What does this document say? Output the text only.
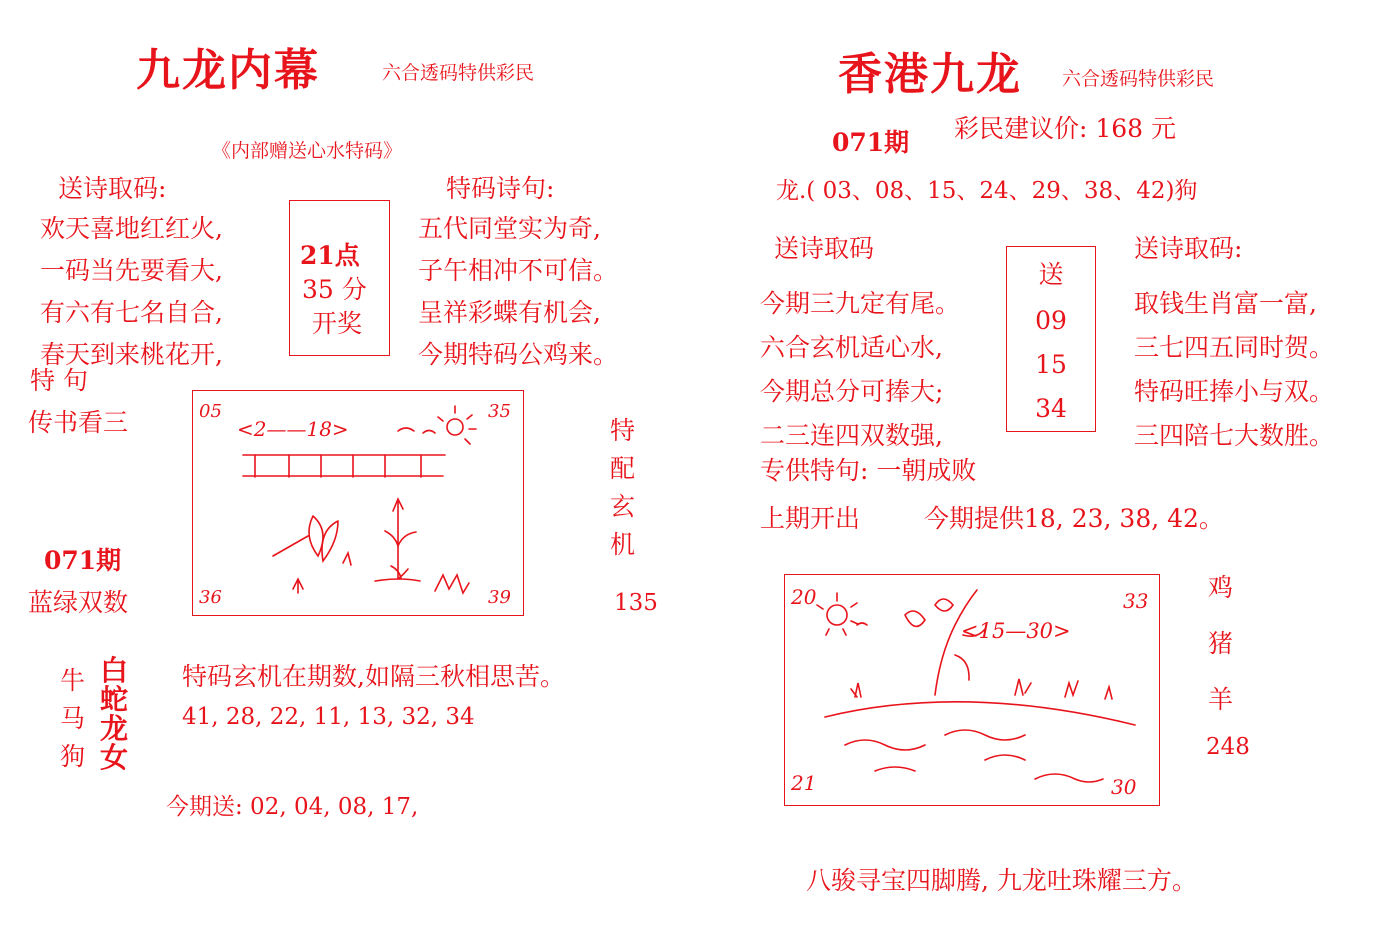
九龙内幕	六合透码特供彩民
《内部赠送心水特码》
送诗取码:
欢天喜地红红火,
一码当先要看大,
有六有七名自合,
春天到来桃花开,
21点
35 分
开奖
特码诗句:
五代同堂实为奇,
子午相冲不可信。
呈祥彩蝶有机会,
今期特码公鸡来。
特 句
传书看三	05	35
36	39
<2——18>	特
配
玄
机
135
071期
蓝绿双数
牛
马
狗
白
蛇
龙
女
特码玄机在期数,如隔三秋相思苦。
41, 28, 22, 11, 13, 32, 34
今期送: 02, 04, 08, 17,
香港九龙 六合透码特供彩民
071期 彩民建议价: 168 元
龙.( 03、08、15、24、29、38、42)狗
送诗取码
今期三九定有尾。
六合玄机适心水,
今期总分可捧大;
二三连四双数强,
送
09
15
34
送诗取码:
取钱生肖富一富,
三七四五同时贺。
特码旺捧小与双。
三四陪七大数胜。
专供特句: 一朝成败
上期开出	今期提供18, 23, 38, 42。
20	33
21	30
<15—30>
鸡
猪
羊
248
八骏寻宝四脚腾, 九龙吐珠耀三方。
